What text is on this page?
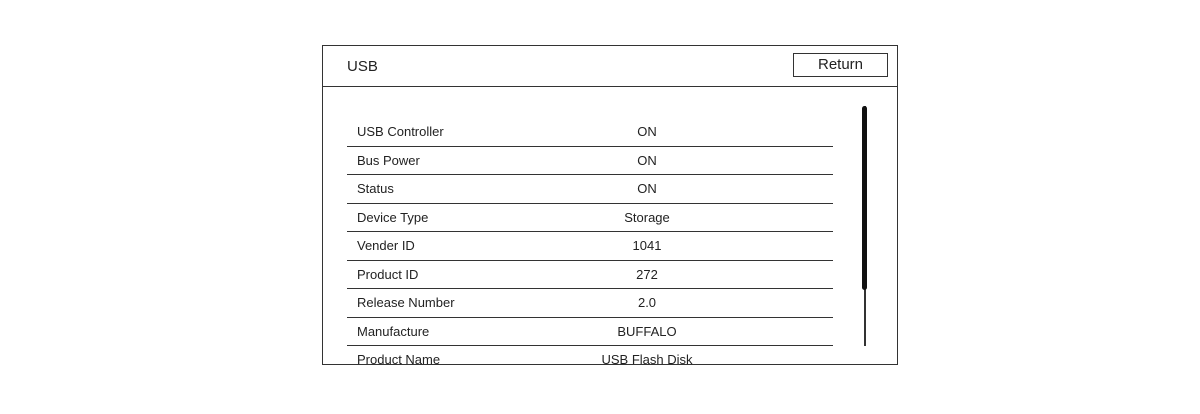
USB	Return
USB Controller	ON
Bus Power	ON
Status	ON
Device Type	Storage
Vender ID	1041
Product ID	272
Release Number	2.0
Manufacture	BUFFALO
Product Name	USB Flash Disk
